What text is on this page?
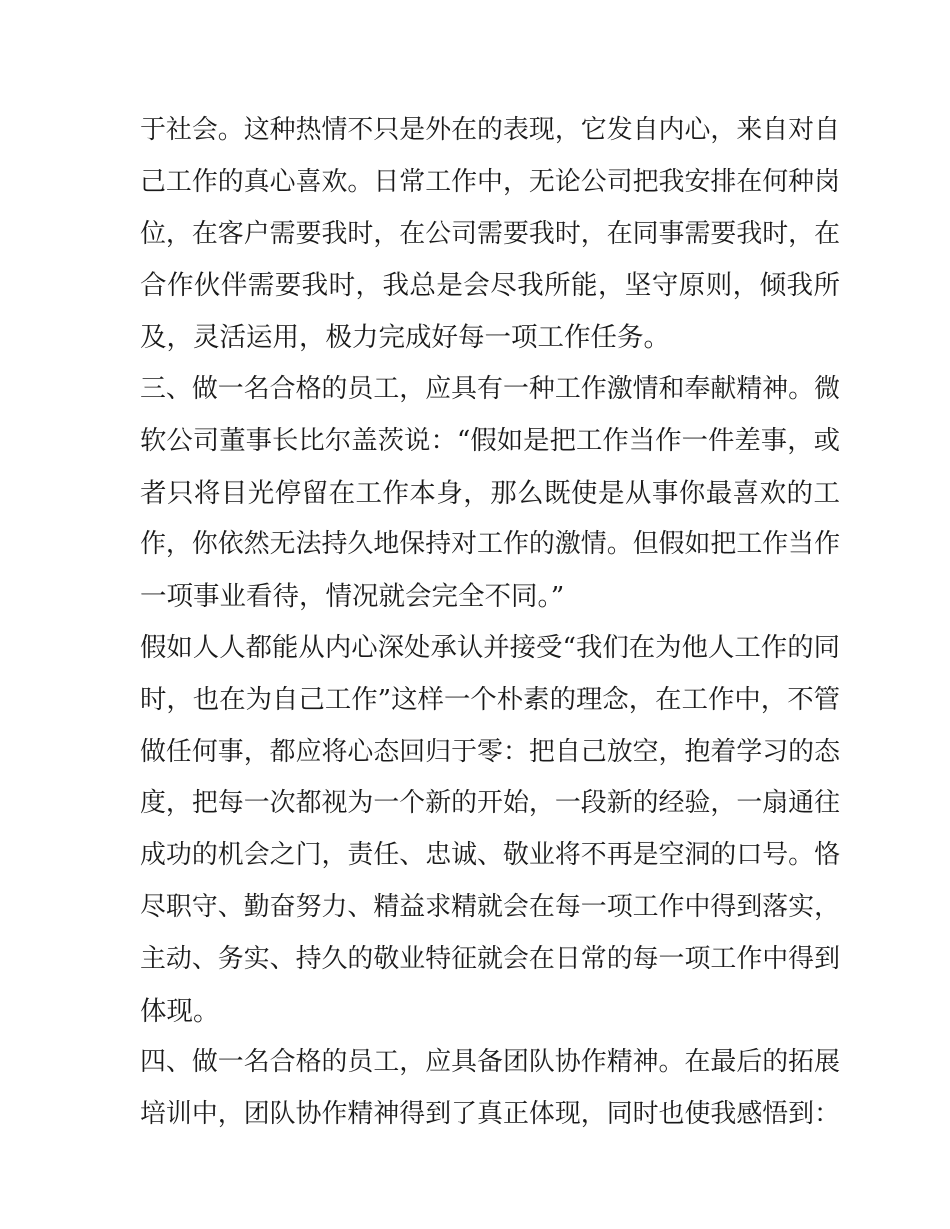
于社会。这种热情不只是外在的表现，它发自内心，来自对自
己工作的真心喜欢。日常工作中，无论公司把我安排在何种岗
位，在客户需要我时，在公司需要我时，在同事需要我时，在
合作伙伴需要我时，我总是会尽我所能，坚守原则，倾我所
及，灵活运用，极力完成好每一项工作任务。
三、做一名合格的员工，应具有一种工作激情和奉献精神。微
软公司董事长比尔盖茨说：“假如是把工作当作一件差事，或
者只将目光停留在工作本身，那么既使是从事你最喜欢的工
作，你依然无法持久地保持对工作的激情。但假如把工作当作
一项事业看待，情况就会完全不同。”
假如人人都能从内心深处承认并接受“我们在为他人工作的同
时，也在为自己工作”这样一个朴素的理念，在工作中，不管
做任何事，都应将心态回归于零：把自己放空，抱着学习的态
度，把每一次都视为一个新的开始，一段新的经验，一扇通往
成功的机会之门，责任、忠诚、敬业将不再是空洞的口号。恪
尽职守、勤奋努力、精益求精就会在每一项工作中得到落实，
主动、务实、持久的敬业特征就会在日常的每一项工作中得到
体现。
四、做一名合格的员工，应具备团队协作精神。在最后的拓展
培训中，团队协作精神得到了真正体现，同时也使我感悟到：
